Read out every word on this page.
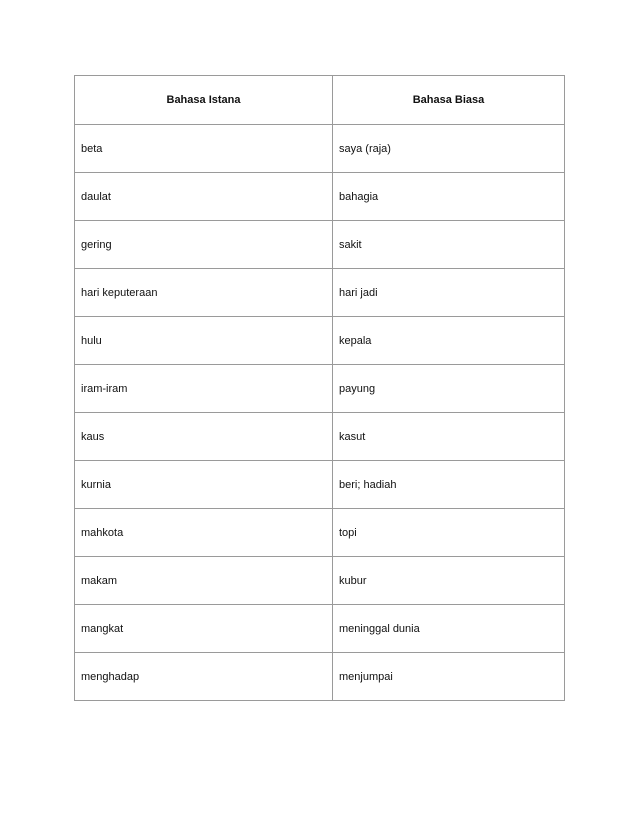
Bahasa Istana	Bahasa Biasa
beta	saya (raja)
daulat	bahagia
gering	sakit
hari keputeraan	hari jadi
hulu	kepala
iram-iram	payung
kaus	kasut
kurnia	beri; hadiah
mahkota	topi
makam	kubur
mangkat	meninggal dunia
menghadap	menjumpai
